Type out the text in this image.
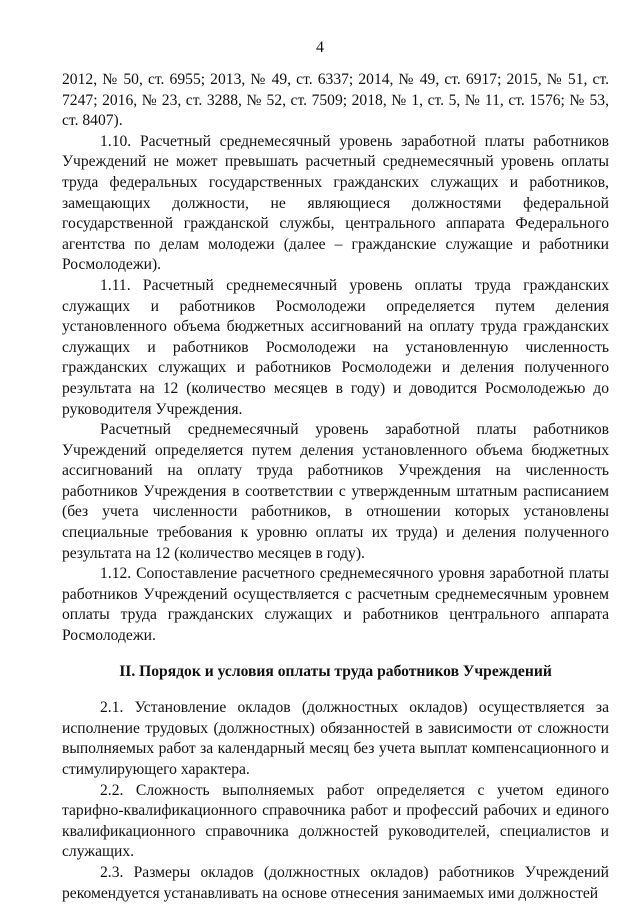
4

2012, № 50, ст. 6955; 2013, № 49, ст. 6337; 2014, № 49, ст. 6917; 2015, № 51, ст. 7247; 2016, № 23, ст. 3288, № 52, ст. 7509; 2018, № 1, ст. 5, № 11, ст. 1576; № 53, ст. 8407).

1.10. Расчетный среднемесячный уровень заработной платы работников Учреждений не может превышать расчетный среднемесячный уровень оплаты труда федеральных государственных гражданских служащих и работников, замещающих должности, не являющиеся должностями федеральной государственной гражданской службы, центрального аппарата Федерального агентства по делам молодежи (далее – гражданские служащие и работники Росмолодежи).

1.11. Расчетный среднемесячный уровень оплаты труда гражданских служащих и работников Росмолодежи определяется путем деления установленного объема бюджетных ассигнований на оплату труда гражданских служащих и работников Росмолодежи на установленную численность гражданских служащих и работников Росмолодежи и деления полученного результата на 12 (количество месяцев в году) и доводится Росмолодежью до руководителя Учреждения.

Расчетный среднемесячный уровень заработной платы работников Учреждений определяется путем деления установленного объема бюджетных ассигнований на оплату труда работников Учреждения на численность работников Учреждения в соответствии с утвержденным штатным расписанием (без учета численности работников, в отношении которых установлены специальные требования к уровню оплаты их труда) и деления полученного результата на 12 (количество месяцев в году).

1.12. Сопоставление расчетного среднемесячного уровня заработной платы работников Учреждений осуществляется с расчетным среднемесячным уровнем оплаты труда гражданских служащих и работников центрального аппарата Росмолодежи.

II. Порядок и условия оплаты труда работников Учреждений

2.1. Установление окладов (должностных окладов) осуществляется за исполнение трудовых (должностных) обязанностей в зависимости от сложности выполняемых работ за календарный месяц без учета выплат компенсационного и стимулирующего характера.

2.2. Сложность выполняемых работ определяется с учетом единого тарифно-квалификационного справочника работ и профессий рабочих и единого квалификационного справочника должностей руководителей, специалистов и служащих.

2.3. Размеры окладов (должностных окладов) работников Учреждений рекомендуется устанавливать на основе отнесения занимаемых ими должностей
